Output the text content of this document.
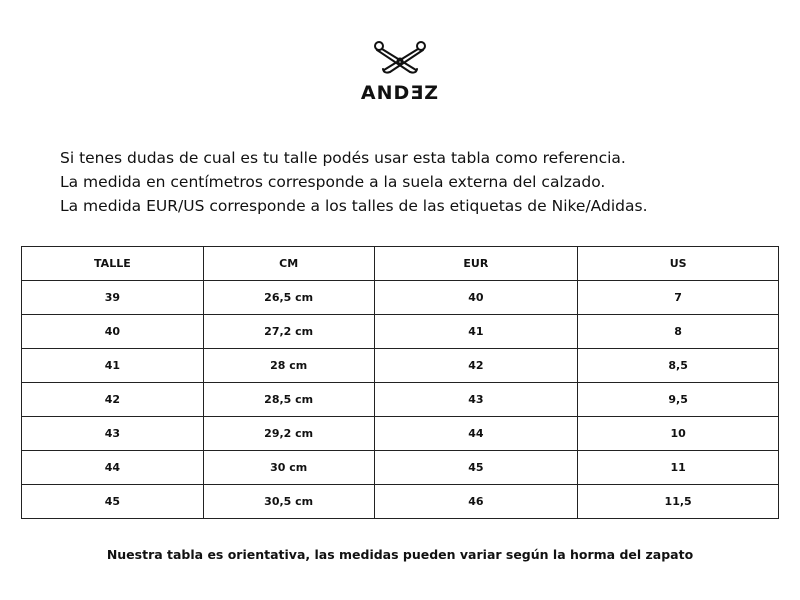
ANDƎZ

Si tenes dudas de cual es tu talle podés usar esta tabla como referencia.

La medida en centímetros corresponde a la suela externa del calzado.

La medida EUR/US corresponde a los talles de las etiquetas de Nike/Adidas.

TALLE	CM	EUR	US
39	26,5 cm	40	7
40	27,2 cm	41	8
41	28 cm	42	8,5
42	28,5 cm	43	9,5
43	29,2 cm	44	10
44	30 cm	45	11
45	30,5 cm	46	11,5
Nuestra tabla es orientativa, las medidas pueden variar según la horma del zapato
